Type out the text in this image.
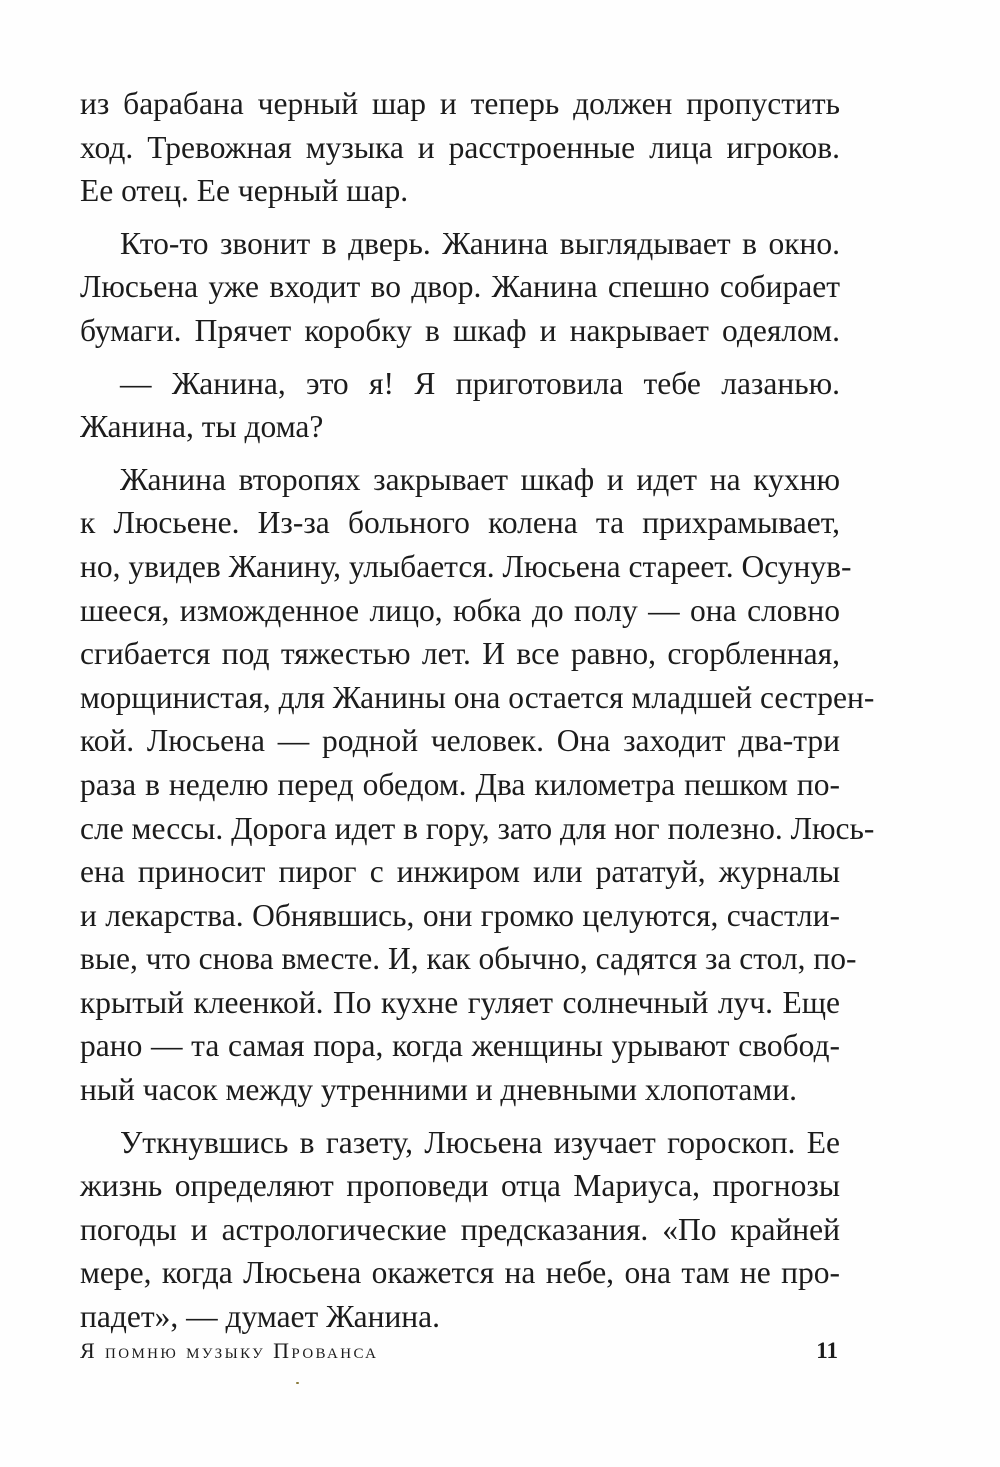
из барабана черный шар и теперь должен пропустить
ход. Тревожная музыка и расстроенные лица игроков.
Ее отец. Ее черный шар.

Кто-то звонит в дверь. Жанина выглядывает в окно.
Люсьена уже входит во двор. Жанина спешно собирает
бумаги. Прячет коробку в шкаф и накрывает одеялом.

— Жанина, это я! Я приготовила тебе лазанью.
Жанина, ты дома?

Жанина второпях закрывает шкаф и идет на кухню
к Люсьене. Из-за больного колена та прихрамывает,
но, увидев Жанину, улыбается. Люсьена стареет. Осунув-
шееся, изможденное лицо, юбка до полу — она словно
сгибается под тяжестью лет. И все равно, сгорбленная,
морщинистая, для Жанины она остается младшей сестрен-
кой. Люсьена — родной человек. Она заходит два-три
раза в неделю перед обедом. Два километра пешком по-
сле мессы. Дорога идет в гору, зато для ног полезно. Люсь-
ена приносит пирог с инжиром или рататуй, журналы
и лекарства. Обнявшись, они громко целуются, счастли-
вые, что снова вместе. И, как обычно, садятся за стол, по-
крытый клеенкой. По кухне гуляет солнечный луч. Еще
рано — та самая пора, когда женщины урывают свобод-
ный часок между утренними и дневными хлопотами.

Уткнувшись в газету, Люсьена изучает гороскоп. Ее
жизнь определяют проповеди отца Мариуса, прогнозы
погоды и астрологические предсказания. «По крайней
мере, когда Люсьена окажется на небе, она там не про-
падет», — думает Жанина.

Я помню музыку Прованса	11
